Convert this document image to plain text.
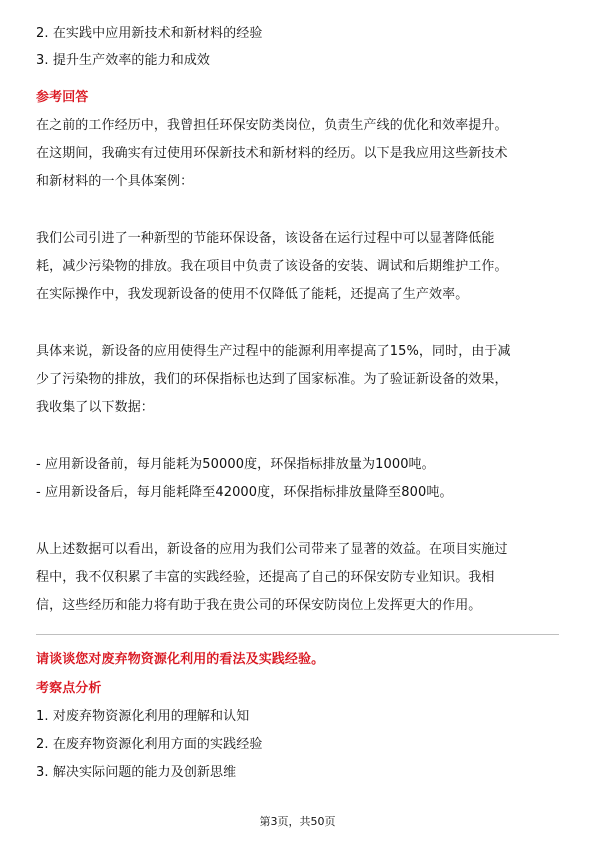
2. 在实践中应用新技术和新材料的经验
3. 提升生产效率的能力和成效
参考回答
在之前的工作经历中，我曾担任环保安防类岗位，负责生产线的优化和效率提升。
在这期间，我确实有过使用环保新技术和新材料的经历。以下是我应用这些新技术
和新材料的一个具体案例：
我们公司引进了一种新型的节能环保设备，该设备在运行过程中可以显著降低能
耗，减少污染物的排放。我在项目中负责了该设备的安装、调试和后期维护工作。
在实际操作中，我发现新设备的使用不仅降低了能耗，还提高了生产效率。
具体来说，新设备的应用使得生产过程中的能源利用率提高了15%，同时，由于减
少了污染物的排放，我们的环保指标也达到了国家标准。为了验证新设备的效果，
我收集了以下数据：
- 应用新设备前，每月能耗为50000度，环保指标排放量为1000吨。
- 应用新设备后，每月能耗降至42000度，环保指标排放量降至800吨。
从上述数据可以看出，新设备的应用为我们公司带来了显著的效益。在项目实施过
程中，我不仅积累了丰富的实践经验，还提高了自己的环保安防专业知识。我相
信，这些经历和能力将有助于我在贵公司的环保安防岗位上发挥更大的作用。
请谈谈您对废弃物资源化利用的看法及实践经验。
考察点分析
1. 对废弃物资源化利用的理解和认知
2. 在废弃物资源化利用方面的实践经验
3. 解决实际问题的能力及创新思维
第3页，共50页
